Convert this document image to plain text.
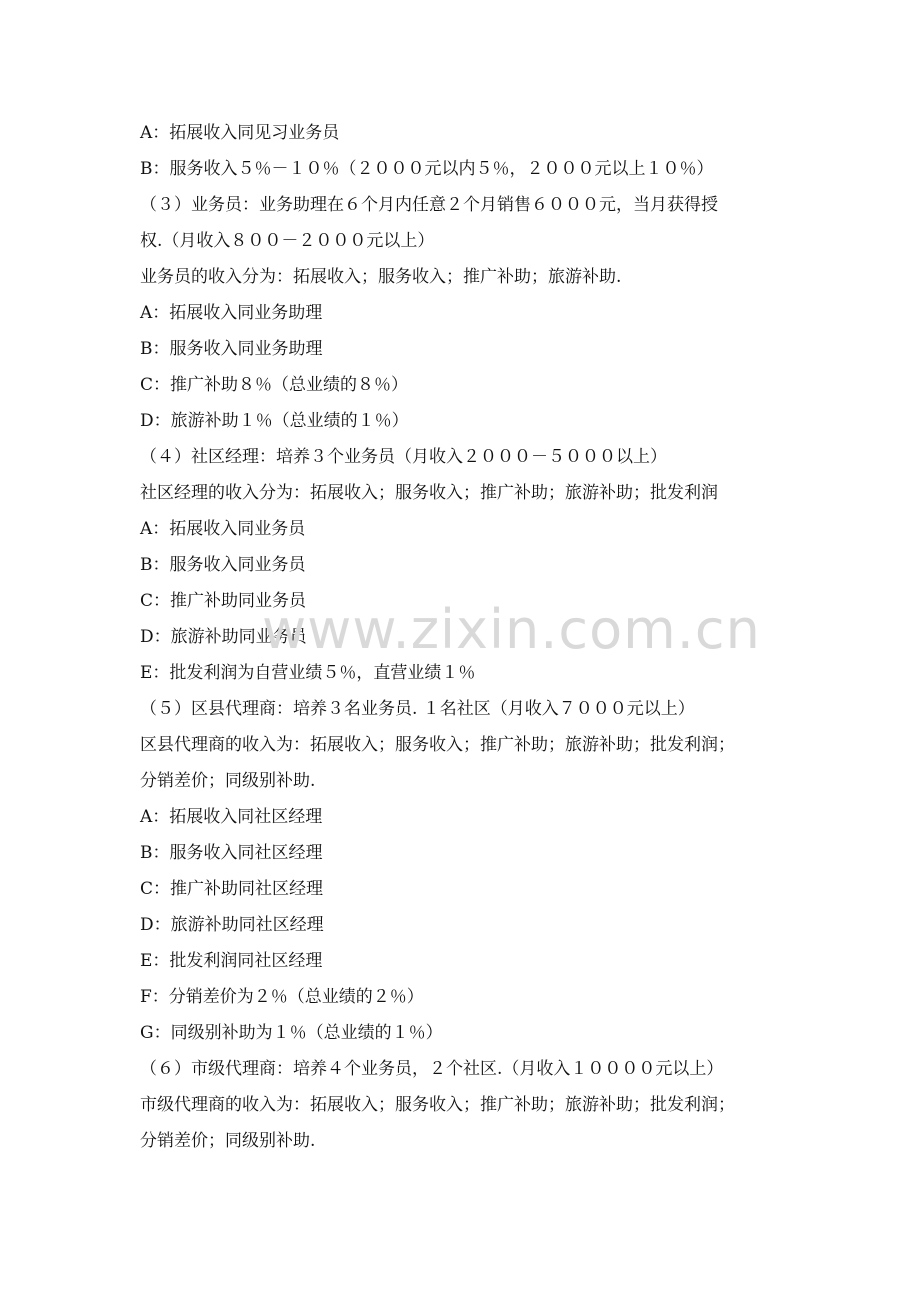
A：拓展收入同见习业务员
B：服务收入５％－１０％（２０００元以内５％，２０００元以上１０％）
（３）业务员：业务助理在６个月内任意２个月销售６０００元，当月获得授
权.（月收入８００－２０００元以上）
业务员的收入分为：拓展收入；服务收入；推广补助；旅游补助.
A：拓展收入同业务助理
B：服务收入同业务助理
C：推广补助８％（总业绩的８％）
D：旅游补助１％（总业绩的１％）
（４）社区经理：培养３个业务员（月收入２０００－５０００以上）
社区经理的收入分为：拓展收入；服务收入；推广补助；旅游补助；批发利润
A：拓展收入同业务员
B：服务收入同业务员
C：推广补助同业务员
D：旅游补助同业务员
E：批发利润为自营业绩５％，直营业绩１％
（５）区县代理商：培养３名业务员. １名社区（月收入７０００元以上）
区县代理商的收入为：拓展收入；服务收入；推广补助；旅游补助；批发利润；
分销差价；同级别补助.
A：拓展收入同社区经理
B：服务收入同社区经理
C：推广补助同社区经理
D：旅游补助同社区经理
E：批发利润同社区经理
F：分销差价为２％（总业绩的２％）
G：同级别补助为１％（总业绩的１％）
（６）市级代理商：培养４个业务员，２个社区.（月收入１００００元以上）
市级代理商的收入为：拓展收入；服务收入；推广补助；旅游补助；批发利润；
分销差价；同级别补助.
www.zixin.com.cn
